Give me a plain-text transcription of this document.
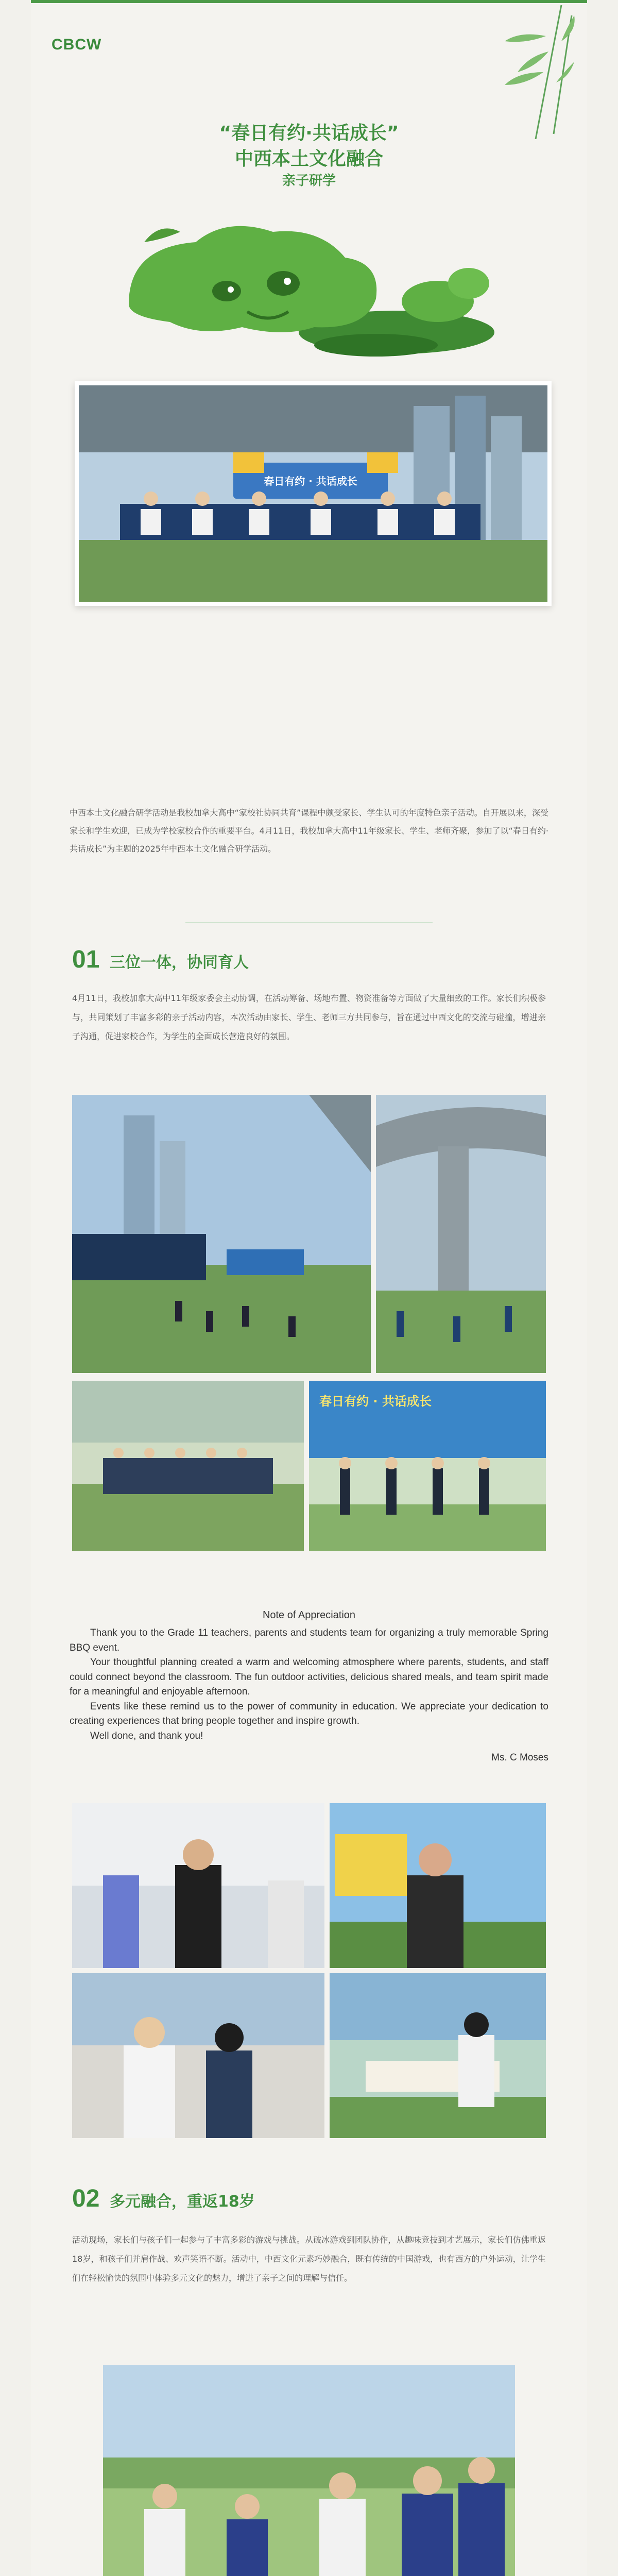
CBCW
“春日有约·共话成长”
中西本土文化融合
亲子研学
春日有约 · 共话成长
中西本土文化融合研学活动是我校加拿大高中“家校社协同共育”课程中颇受家长、学生认可的年度特色亲子活动。自开展以来，深受家长和学生欢迎，已成为学校家校合作的重要平台。4月11日，我校加拿大高中11年级家长、学生、老师齐聚，参加了以“春日有约·共话成长”为主题的2025年中西本土文化融合研学活动。
01 三位一体，协同育人
4月11日，我校加拿大高中11年级家委会主动协调，在活动筹备、场地布置、物资准备等方面做了大量细致的工作。家长们积极参与，共同策划了丰富多彩的亲子活动内容，本次活动由家长、学生、老师三方共同参与，旨在通过中西文化的交流与碰撞，增进亲子沟通，促进家校合作，为学生的全面成长营造良好的氛围。
春日有约 · 共话成长
Note of Appreciation

Thank you to the Grade 11 teachers, parents and students team for organizing a truly memorable Spring BBQ event.

Your thoughtful planning created a warm and welcoming atmosphere where parents, students, and staff could connect beyond the classroom. The fun outdoor activities, delicious shared meals, and team spirit made for a meaningful and enjoyable afternoon.

Events like these remind us to the power of community in education. We appreciate your dedication to creating experiences that bring people together and inspire growth.

Well done, and thank you!

Ms. C Moses
02 多元融合，重返18岁
活动现场，家长们与孩子们一起参与了丰富多彩的游戏与挑战。从破冰游戏到团队协作，从趣味竞技到才艺展示，家长们仿佛重返18岁，和孩子们并肩作战、欢声笑语不断。活动中，中西文化元素巧妙融合，既有传统的中国游戏，也有西方的户外运动，让学生们在轻松愉快的氛围中体验多元文化的魅力，增进了亲子之间的理解与信任。
